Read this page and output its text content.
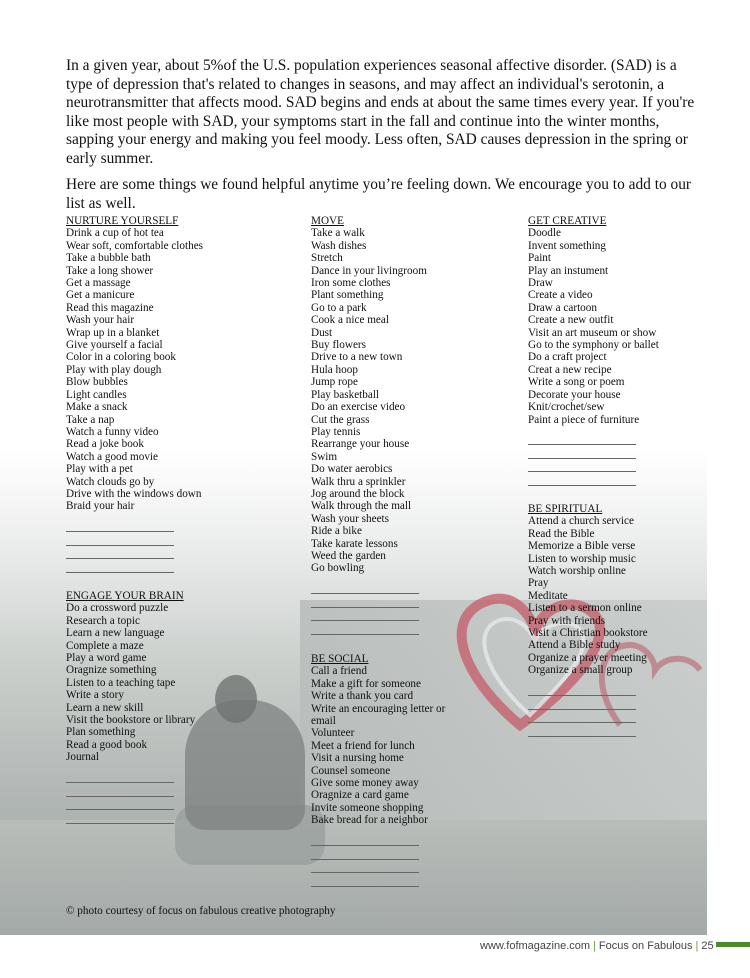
In a given year, about 5%of the U.S. population experiences seasonal affective disorder. (SAD) is a type of depression that's related to changes in seasons, and may affect an individual's serotonin, a neurotransmitter that affects mood. SAD begins and ends at about the same times every year. If you're like most people with SAD, your symptoms start in the fall and continue into the winter months, sapping your energy and making you feel moody. Less often, SAD causes depression in the spring or early summer.

Here are some things we found helpful anytime you’re feeling down. We encourage you to add to our list as well.

NURTURE YOURSELF
Drink a cup of hot tea
Wear soft, comfortable clothes
Take a bubble bath
Take a long shower
Get a massage
Get a manicure
Read this magazine
Wash your hair
Wrap up in a blanket
Give yourself a facial
Color in a coloring book
Play with play dough
Blow bubbles
Light candles
Make a snack
Take a nap
Watch a funny video
Read a joke book
Watch a good movie
Play with a pet
Watch clouds go by
Drive with the windows down
Braid your hair
ENGAGE YOUR BRAIN
Do a crossword puzzle
Research a topic
Learn a new language
Complete a maze
Play a word game
Oragnize something
Listen to a teaching tape
Write a story
Learn a new skill
Visit the bookstore or library
Plan something
Read a good book
Journal
MOVE
Take a walk
Wash dishes
Stretch
Dance in your livingroom
Iron some clothes
Plant something
Go to a park
Cook a nice meal
Dust
Buy flowers
Drive to a new town
Hula hoop
Jump rope
Play basketball
Do an exercise video
Cut the grass
Play tennis
Rearrange your house
Swim
Do water aerobics
Walk thru a sprinkler
Jog around the block
Walk through the mall
Wash your sheets
Ride a bike
Take karate lessons
Weed the garden
Go bowling
BE SOCIAL
Call a friend
Make a gift for someone
Write a thank you card
Write an encouraging letter or
email
Volunteer
Meet a friend for lunch
Visit a nursing home
Counsel someone
Give some money away
Oragnize a card game
Invite someone shopping
Bake bread for a neighbor
GET CREATIVE
Doodle
Invent something
Paint
Play an instument
Draw
Create a video
Draw a cartoon
Create a new outfit
Visit an art museum or show
Go to the symphony or ballet
Do a craft project
Creat a new recipe
Write a song or poem
Decorate your house
Knit/crochet/sew
Paint a piece of furniture
BE SPIRITUAL
Attend a church service
Read the Bible
Memorize a Bible verse
Listen to worship music
Watch worship online
Pray
Meditate
Listen to a sermon online
Pray with friends
Visit a Christian bookstore
Attend a Bible study
Organize a prayer meeting
Organize a small group
© photo courtesy of focus on fabulous creative photography
www.fofmagazine.com | Focus on Fabulous | 25
